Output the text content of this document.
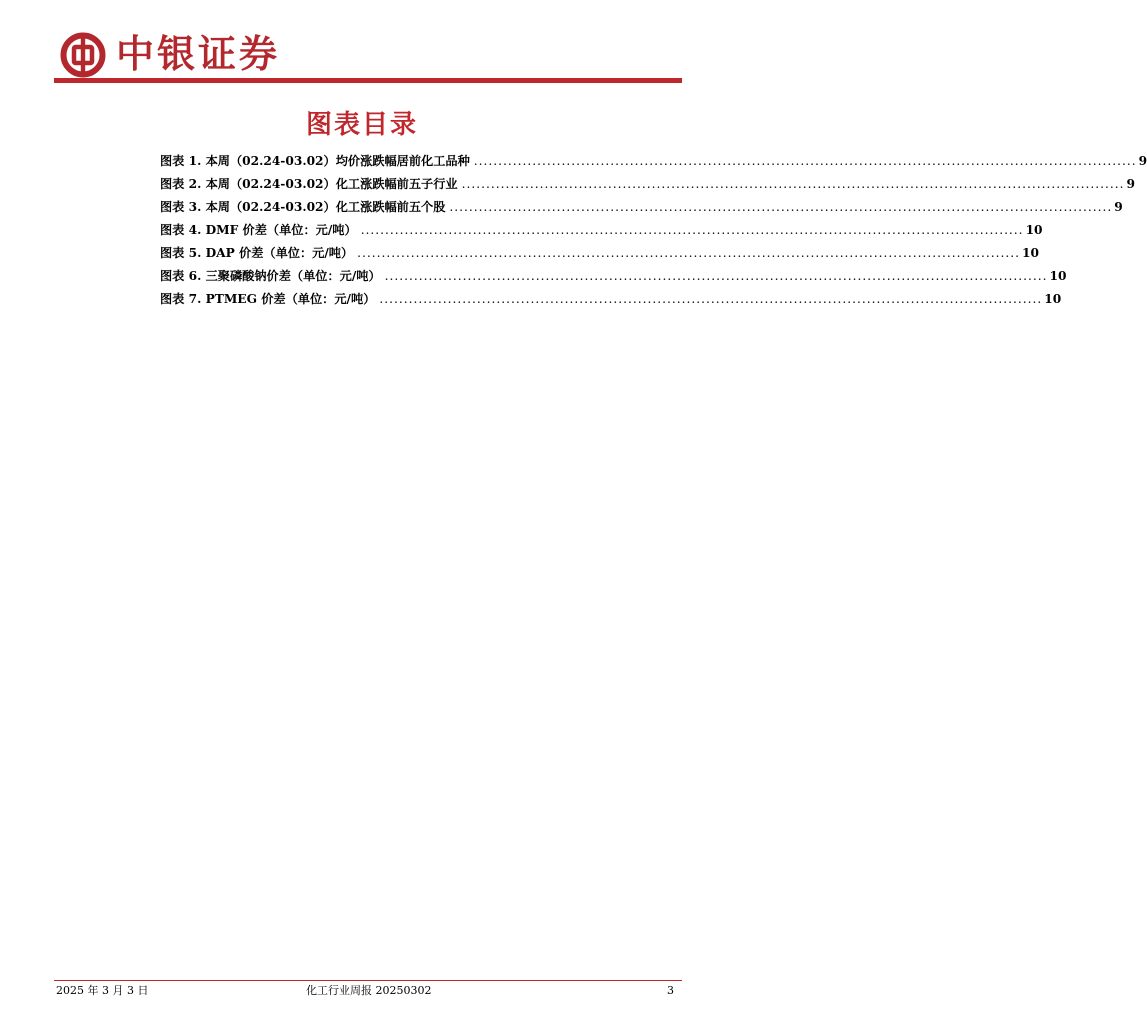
中银证券
图表目录
图表 1. 本周（02.24-03.02）均价涨跌幅居前化工品种 ........................................................................................................................................ 9
图表 2. 本周（02.24-03.02）化工涨跌幅前五子行业 ........................................................................................................................................ 9
图表 3. 本周（02.24-03.02）化工涨跌幅前五个股 ........................................................................................................................................ 9
图表 4. DMF 价差（单位：元/吨） ........................................................................................................................................ 10
图表 5. DAP 价差（单位：元/吨） ........................................................................................................................................ 10
图表 6. 三聚磷酸钠价差（单位：元/吨） ........................................................................................................................................ 10
图表 7. PTMEG 价差（单位：元/吨） ........................................................................................................................................ 10
2025 年 3 月 3 日	化工行业周报 20250302	3
